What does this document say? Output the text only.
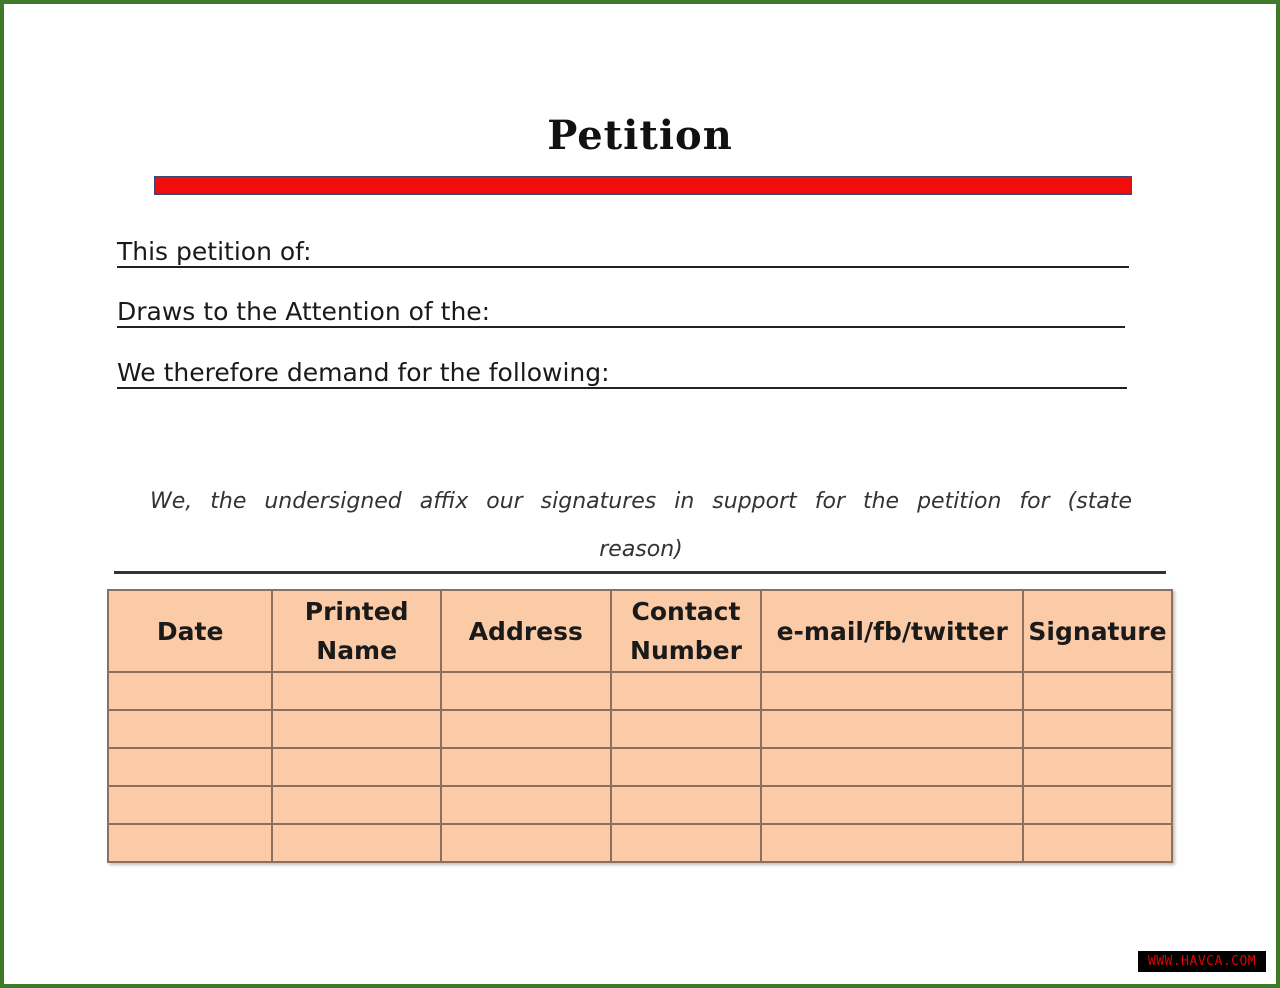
Petition
This petition of:
Draws to the Attention of the:
We therefore demand for the following:
We, the undersigned affix our signatures in support for the petition for (state reason)
Date	Printed Name	Address	Contact Number	e-mail/fb/twitter	Signature

WWW.HAVCA.COM
